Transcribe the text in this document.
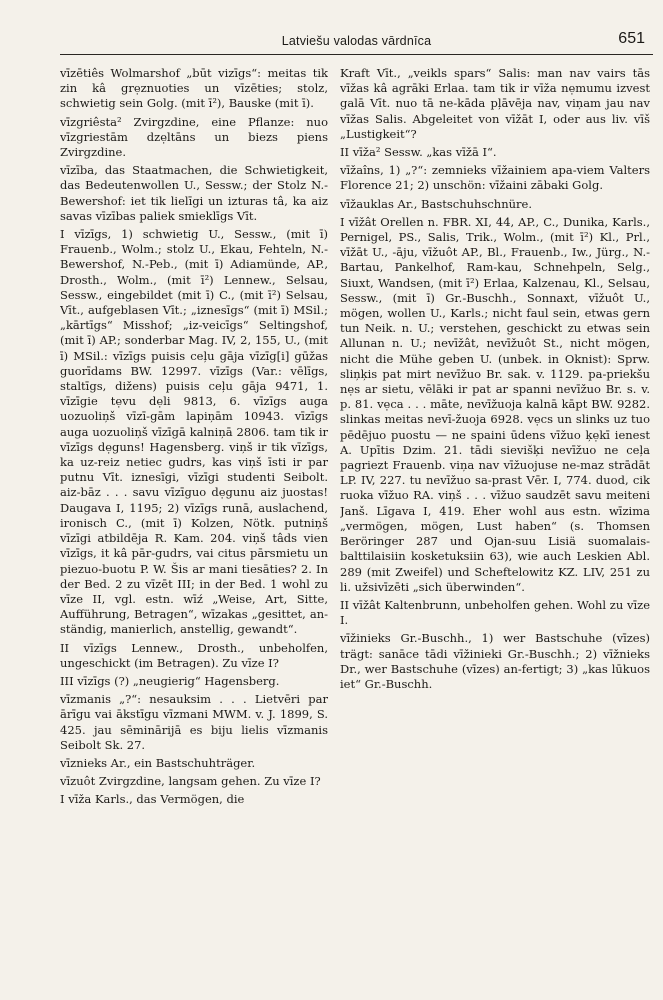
Latviešu valodas vārdnīca	651

vīzētiês Wolmarshof „būt vizīgs“: meitas tik zin kâ grẹznuoties un vīzēties; stolz, schwietig sein Golg. (mit ī²), Bauske (mit ī).

vīzgriêsta² Zvirgzdine, eine Pflanze: nuo vīzgriestām dzẹltāns un biezs piens Zvirgzdine.

vīzība, das Staatmachen, die Schwietigkeit, das Bedeutenwollen U., Sessw.; der Stolz N.-Bewershof: iet tik lielīgi un izturas tâ, ka aiz savas vīzības paliek smieklīgs Vīt.

I vīzīgs, 1) schwietig U., Sessw., (mit ī) Frauenb., Wolm.; stolz U., Ekau, Fehteln, N.-Bewershof, N.-Peb., (mit ī) Adiamünde, AP., Drosth., Wolm., (mit ī²) Lennew., Selsau, Sessw., eingebildet (mit ī) C., (mit ī²) Selsau, Vīt., aufgeblasen Vīt.; „iznesīgs“ (mit ī) MSil.; „kārtīgs“ Misshof; „iz-veicīgs“ Seltingshof, (mit ī) AP.; sonderbar Mag. IV, 2, 155, U., (mit ī) MSil.: vīzīgs puisis ceļu gāja vīzīg[i] gūžas guorīdams BW. 12997. vīzīgs (Var.: vēlīgs, staltīgs, dižens) puisis ceļu gāja 9471, 1. vīzīgie tẹvu dẹli 9813, 6. vīzīgs auga uozuoliņš vīzī-gām lapiņām 10943. vīzīgs auga uozuoliņš vīzīgā kalniņā 2806. tam tik ir vīzīgs dẹguns! Hagensberg. viņš ir tik vīzīgs, ka uz-reiz netiec gudrs, kas viņš īsti ir par putnu Vīt. iznesīgi, vīzīgi studenti Seibolt. aiz-bāz . . . savu vīzīguo dẹgunu aiz juostas! Daugava I, 1195; 2) vīzīgs runā, auslachend, ironisch C., (mit ī) Kolzen, Nötk. putniņš vīzīgi atbildēja R. Kam. 204. viņš tâds vien vīzīgs, it kâ pār-gudrs, vai citus pārsmietu un piezuo-buotu P. W. Šis ar mani tiesāties? 2. In der Bed. 2 zu vīzēt III; in der Bed. 1 wohl zu vīze II, vgl. estn. wīź „Weise, Art, Sitte, Aufführung, Betragen“, wīzakas „gesittet, an-ständig, manierlich, anstellig, gewandt“.

II vīzīgs Lennew., Drosth., unbeholfen, ungeschickt (im Betragen). Zu vīze I?

III vīzīgs (?) „neugierig“ Hagensberg.

vīzmanis „?“: nesauksim . . . Lietvēri par ārīgu vai ākstīgu vīzmani MWM. v. J. 1899, S. 425. jau sēminārijā es biju lielis vīzmanis Seibolt Sk. 27.

vīznieks Ar., ein Bastschuhträger.

vīzuôt Zvirgzdine, langsam gehen. Zu vīze I?

I vīža Karls., das Vermögen, die

Kraft Vīt., „veikls spars“ Salis: man nav vairs tās vīžas kâ agrāki Erlaa. tam tik ir vīža nẹmumu izvest galā Vīt. nuo tā ne-kāda pļāvēja nav, viņam jau nav vīžas Salis. Abgeleitet von vīžāt I, oder aus liv. vīš „Lustigkeit“?

II vīža² Sessw. „kas vīžā I“.

vīžaîns, 1) „?“: zemnieks vīžainiem apa-viem Valters Florence 21; 2) unschön: vīžaini zābaki Golg.

vīžauklas Ar., Bastschuhschnüre.

I vīžât Orellen n. FBR. XI, 44, AP., C., Dunika, Karls., Pernigel, PS., Salis, Trik., Wolm., (mit ī²) Kl., Prl., vīžāt U., -āju, vīžuôt AP., Bl., Frauenb., Iw., Jürg., N.-Bartau, Pankelhof, Ram-kau, Schnehpeln, Selg., Siuxt, Wandsen, (mit ī²) Erlaa, Kalzenau, Kl., Selsau, Sessw., (mit ī) Gr.-Buschh., Sonnaxt, vīžuôt U., mögen, wollen U., Karls.; nicht faul sein, etwas gern tun Neik. n. U.; verstehen, geschickt zu etwas sein Allunan n. U.; nevīžât, nevīžuôt St., nicht mögen, nicht die Mühe geben U. (unbek. in Oknist): Sprw. sliņķis pat mirt nevīžuo Br. sak. v. 1129. pa-priekšu nẹs ar sietu, vēlāki ir pat ar spanni nevīžuo Br. s. v. p. 81. vẹca . . . māte, nevīžuoja kalnā kāpt BW. 9282. slinkas meitas nevī-žuoja 6928. vẹcs un slinks uz tuo pēdējuo puostu — ne spaini ūdens vīžuo ķẹkī ienest A. Upītis Dzim. 21. tādi sievišķi nevīžuo ne ceļa pagriezt Frauenb. viņa nav vīžuojuse ne-maz strādāt LP. IV, 227. tu nevīžuo sa-prast Vēr. I, 774. duod, cik ruoka vīžuo RA. viņš . . . vīžuo saudzēt savu meiteni Janš. Līgava I, 419. Eher wohl aus estn. wīzima „vermögen, mögen, Lust haben“ (s. Thomsen Beröringer 287 und Ojan-suu Lisiä suomalais-balttilaisiin kosketuksiin 63), wie auch Leskien Abl. 289 (mit Zweifel) und Scheftelowitz KZ. LIV, 251 zu li. užsivīzēti „sich überwinden“.

II vīžât Kaltenbrunn, unbeholfen gehen. Wohl zu vīze I.

vīžinieks Gr.-Buschh., 1) wer Bastschuhe (vīzes) trägt: sanāce tādi vīžinieki Gr.-Buschh.; 2) vīžnieks Dr., wer Bastschuhe (vīzes) an-fertigt; 3) „kas lūkuos iet“ Gr.-Buschh.
